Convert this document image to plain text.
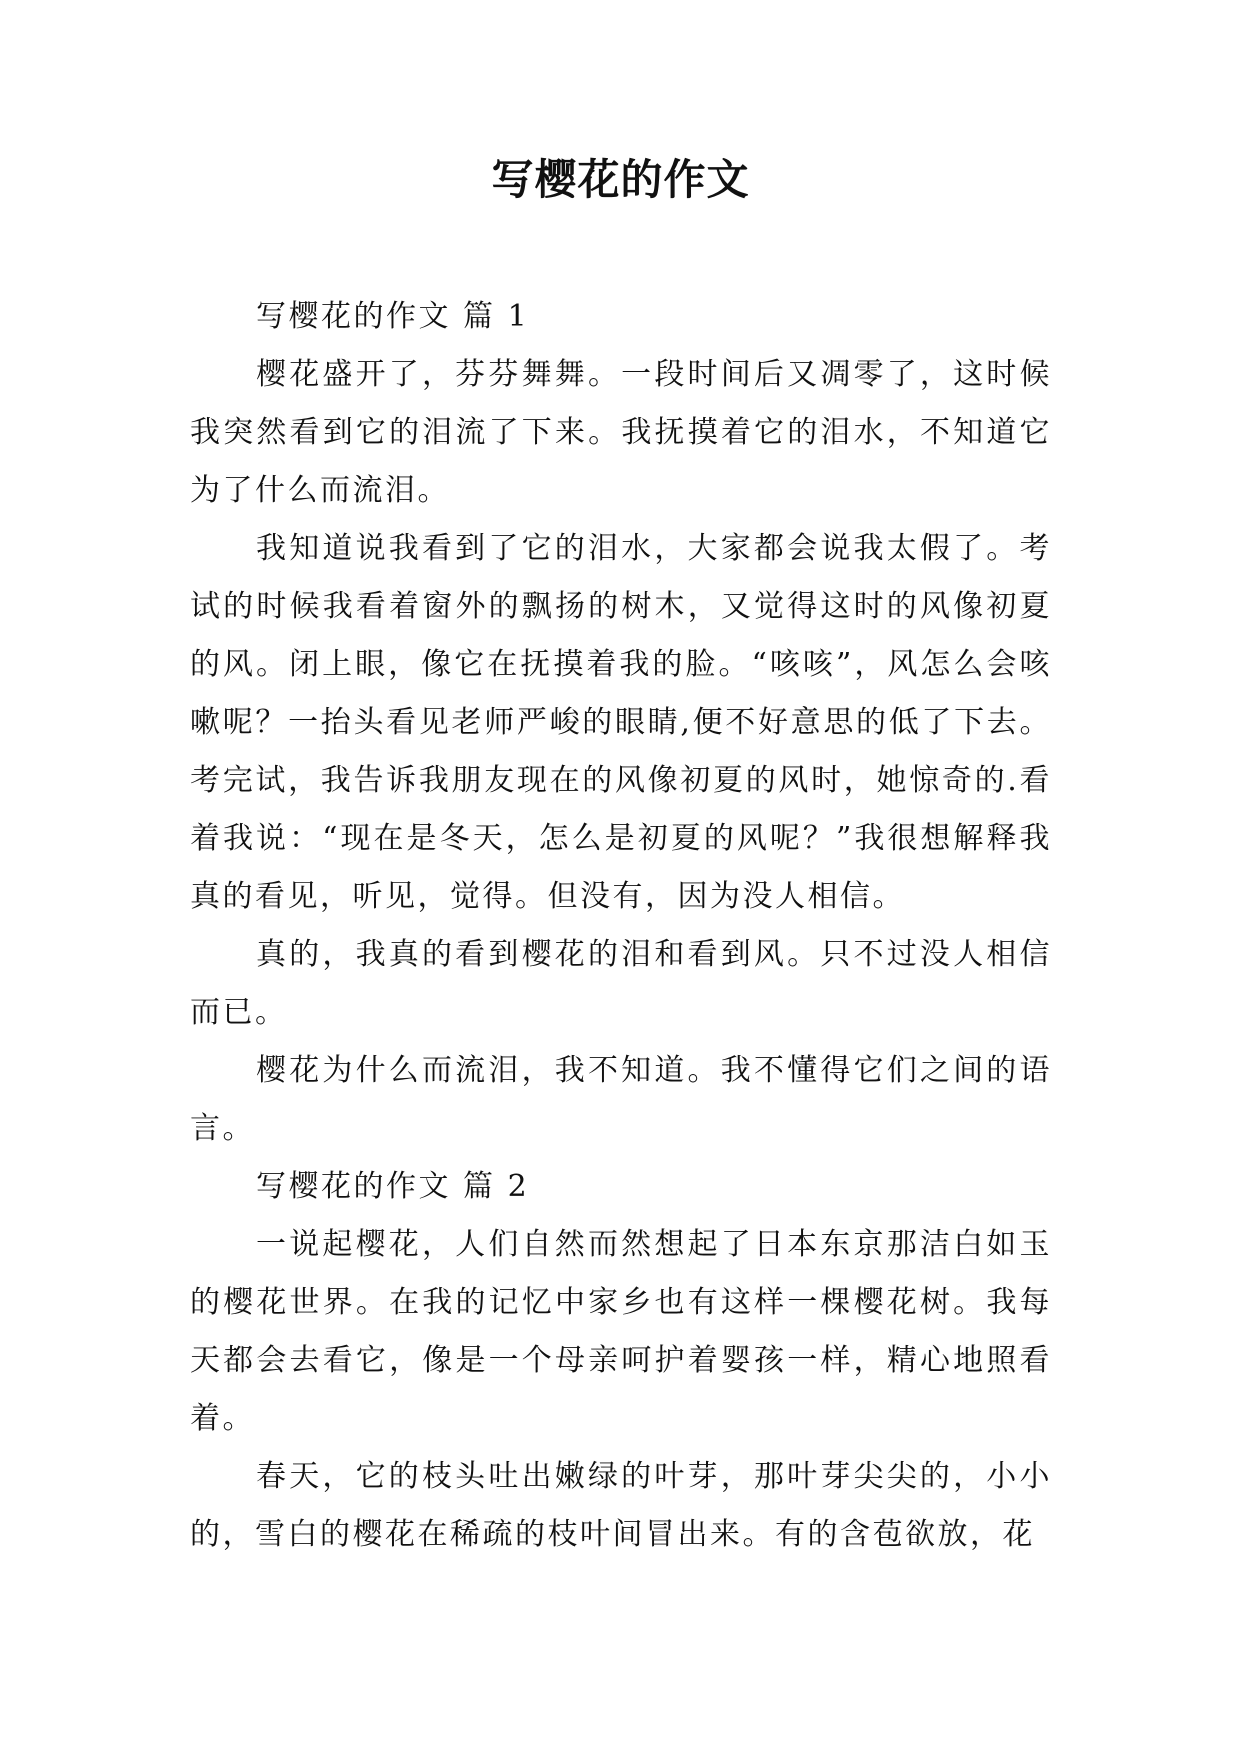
写樱花的作文

写樱花的作文 篇 1

樱花盛开了，芬芬舞舞。一段时间后又凋零了，这时候我突然看到它的泪流了下来。我抚摸着它的泪水，不知道它为了什么而流泪。

我知道说我看到了它的泪水，大家都会说我太假了。考试的时候我看着窗外的飘扬的树木，又觉得这时的风像初夏的风。闭上眼，像它在抚摸着我的脸。“咳咳”，风怎么会咳嗽呢？一抬头看见老师严峻的眼睛,便不好意思的低了下去。考完试，我告诉我朋友现在的风像初夏的风时，她惊奇的.看着我说：“现在是冬天，怎么是初夏的风呢？”我很想解释我真的看见，听见，觉得。但没有，因为没人相信。

真的，我真的看到樱花的泪和看到风。只不过没人相信而已。

樱花为什么而流泪，我不知道。我不懂得它们之间的语言。

写樱花的作文 篇 2

一说起樱花，人们自然而然想起了日本东京那洁白如玉的樱花世界。在我的记忆中家乡也有这样一棵樱花树。我每天都会去看它，像是一个母亲呵护着婴孩一样，精心地照看着。

春天，它的枝头吐出嫩绿的叶芽，那叶芽尖尖的，小小的，雪白的樱花在稀疏的枝叶间冒出来。有的含苞欲放，花
